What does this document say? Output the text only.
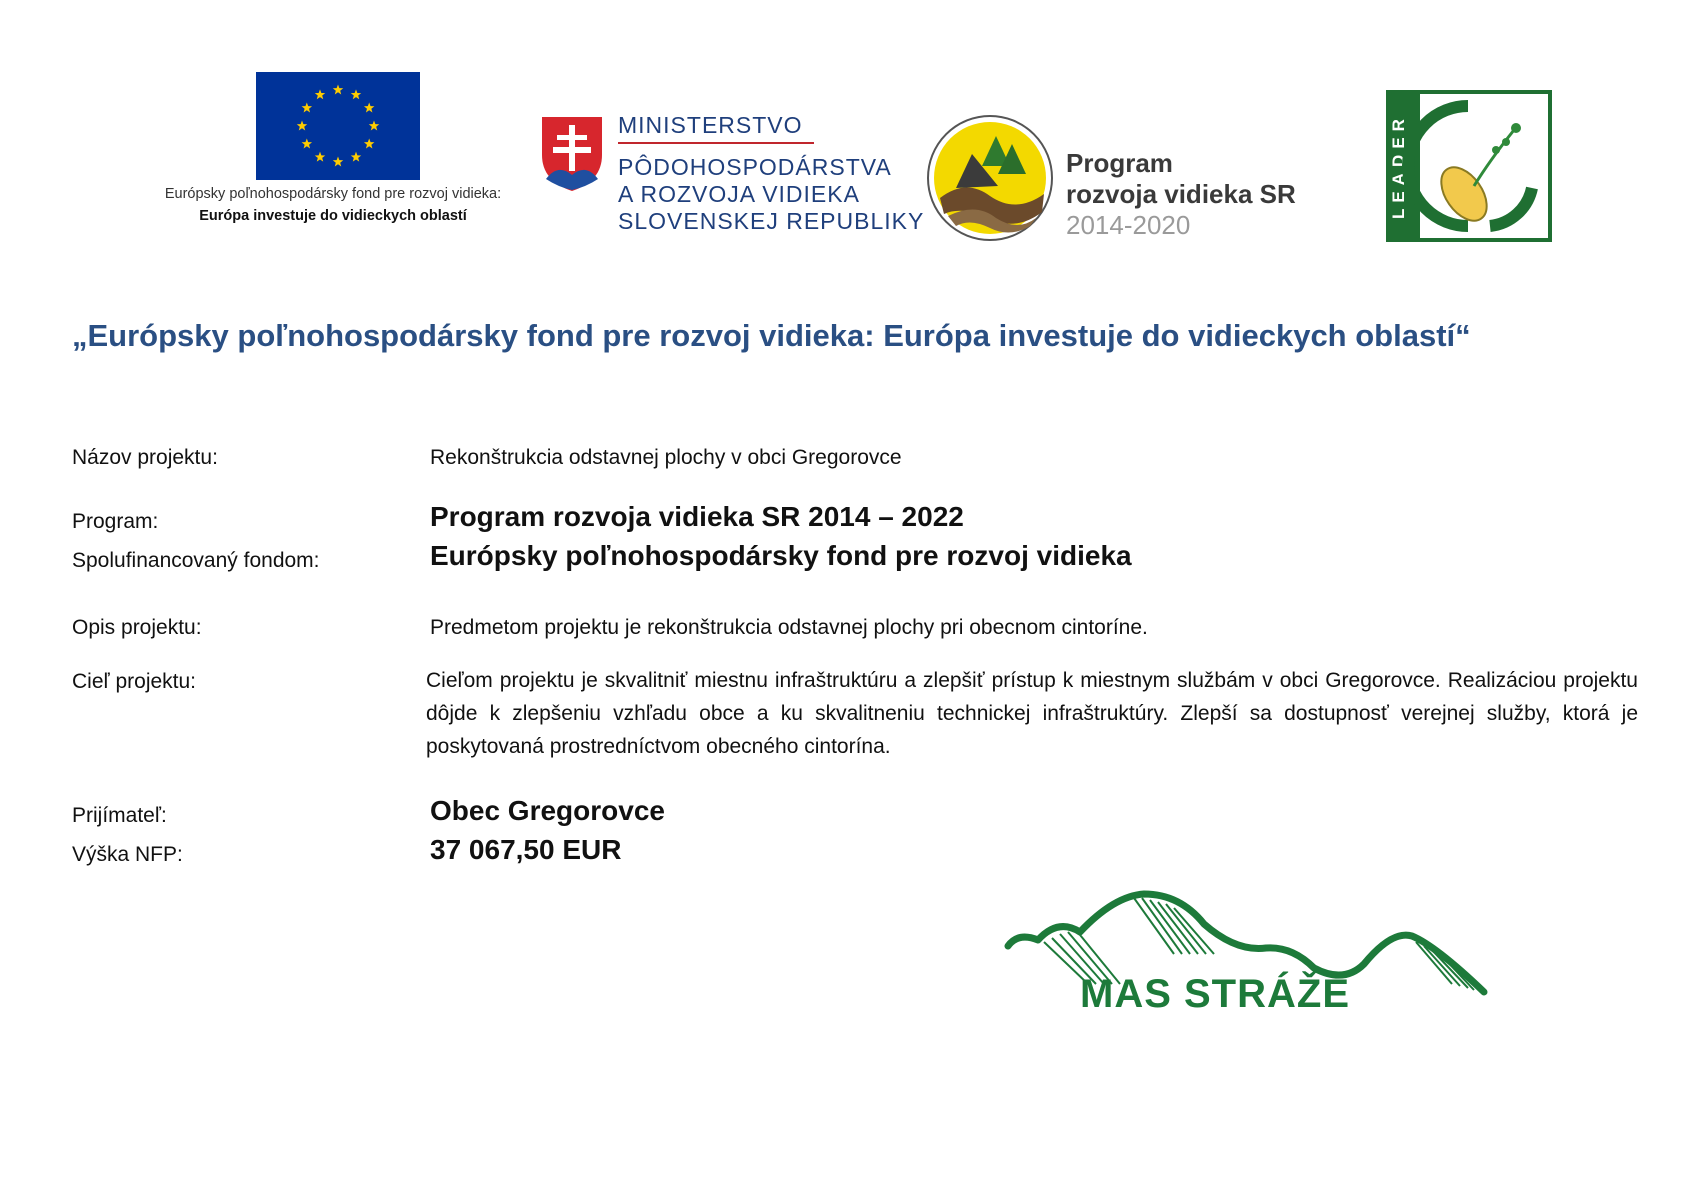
Európsky poľnohospodársky fond pre rozvoj vidieka:
Európa investuje do vidieckych oblastí
MINISTERSTVO
PÔDOHOSPODÁRSTVA
A ROZVOJA VIDIEKA
SLOVENSKEJ REPUBLIKY
Program
rozvoja vidieka SR
2014-2020
LEADER
„Európsky poľnohospodársky fond pre rozvoj vidieka: Európa investuje do vidieckych oblastí“
Názov projektu:	Rekonštrukcia odstavnej plochy v obci Gregorovce
Program:	Program rozvoja vidieka SR 2014 – 2022
Spolufinancovaný fondom:	Európsky poľnohospodársky fond pre rozvoj vidieka
Opis projektu:	Predmetom projektu je rekonštrukcia odstavnej plochy pri obecnom cintoríne.
Cieľ projektu:	Cieľom projektu je skvalitniť miestnu infraštruktúru a zlepšiť prístup k miestnym službám v obci Gregorovce. Realizáciou projektu dôjde k zlepšeniu vzhľadu obce a ku skvalitneniu technickej infraštruktúry. Zlepší sa dostupnosť verejnej služby, ktorá je poskytovaná prostredníctvom obecného cintorína.
Prijímateľ:	Obec Gregorovce
Výška NFP:	37 067,50 EUR
MAS STRÁŽE
